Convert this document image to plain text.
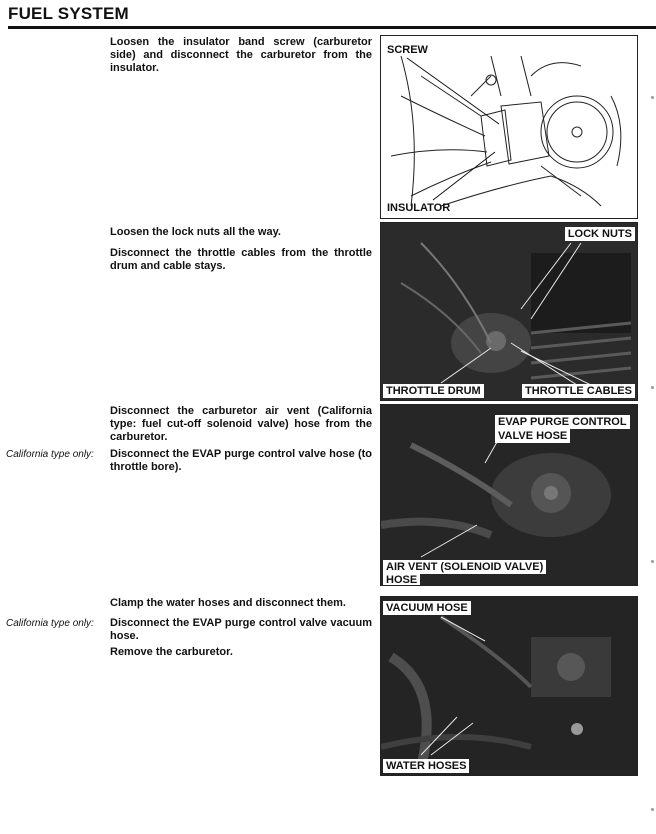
FUEL SYSTEM

Loosen the insulator band screw (carburetor side) and disconnect the carburetor from the insulator.

Loosen the lock nuts all the way.

Disconnect the throttle cables from the throttle drum and cable stays.

Disconnect the carburetor air vent (California type: fuel cut-off solenoid valve) hose from the carburetor.

California type only:	Disconnect the EVAP purge control valve hose (to throttle bore).

Clamp the water hoses and disconnect them.

California type only:	Disconnect the EVAP purge control valve vacuum hose.

Remove the carburetor.

SCREW
INSULATOR
LOCK NUTS
THROTTLE DRUM	THROTTLE CABLES
EVAP PURGE CONTROL
VALVE HOSE
AIR VENT (SOLENOID VALVE)
HOSE
VACUUM HOSE
WATER HOSES
